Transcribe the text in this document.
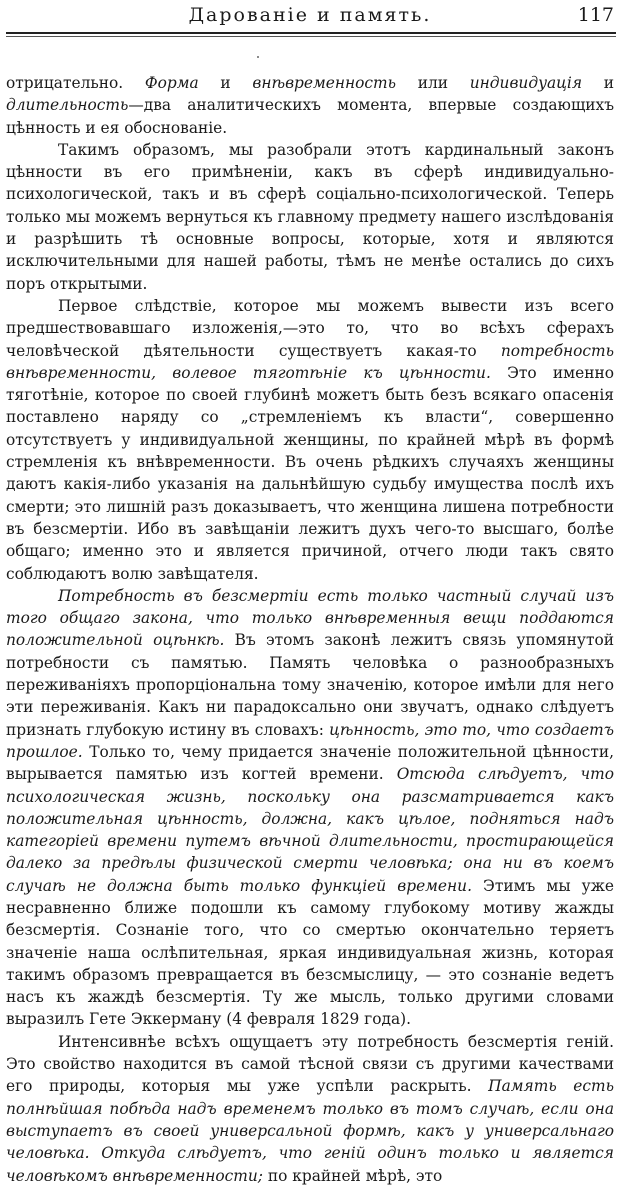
Дарованіе и память.	117

отрицательно. Форма и внѣвременность или индивидуація и длительность—два аналитическихъ момента, впервые создающихъ цѣнность и ея обоснованіе.

Такимъ образомъ, мы разобрали этотъ кардинальный законъ цѣнности въ его примѣненіи, какъ въ сферѣ индивидуально-психологической, такъ и въ сферѣ соціально-психологической. Теперь только мы можемъ вернуться къ главному предмету нашего изслѣдованія и разрѣшить тѣ основные вопросы, которые, хотя и являются исключительными для нашей работы, тѣмъ не менѣе остались до сихъ поръ открытыми.

Первое слѣдствіе, которое мы можемъ вывести изъ всего предшествовавшаго изложенія,—это то, что во всѣхъ сферахъ человѣческой дѣятельности существуетъ какая-то потребность внѣвременности, волевое тяготѣніе къ цѣнности. Это именно тяготѣніе, которое по своей глубинѣ можетъ быть безъ всякаго опасенія поставлено наряду со „стремленіемъ къ власти“, совершенно отсутствуетъ у индивидуальной женщины, по крайней мѣрѣ въ формѣ стремленія къ внѣвременности. Въ очень рѣдкихъ случаяхъ женщины даютъ какія-либо указанія на дальнѣйшую судьбу имущества послѣ ихъ смерти; это лишній разъ доказываетъ, что женщина лишена потребности въ безсмертіи. Ибо въ завѣщаніи лежитъ духъ чего-то высшаго, болѣе общаго; именно это и является причиной, отчего люди такъ свято соблюдаютъ волю завѣщателя.

Потребность въ безсмертіи есть только частный случай изъ того общаго закона, что только внѣвременныя вещи поддаются положительной оцѣнкѣ. Въ этомъ законѣ лежитъ связь упомянутой потребности съ памятью. Память человѣка о разнообразныхъ переживаніяхъ пропорціональна тому значенію, которое имѣли для него эти переживанія. Какъ ни парадоксально они звучатъ, однако слѣдуетъ признать глубокую истину въ словахъ: цѣнность, это то, что создаетъ прошлое. Только то, чему придается значеніе положительной цѣнности, вырывается памятью изъ когтей времени. Отсюда слѣдуетъ, что психологическая жизнь, поскольку она разсматривается какъ положительная цѣнность, должна, какъ цѣлое, подняться надъ категоріей времени путемъ вѣчной длительности, простирающейся далеко за предѣлы физической смерти человѣка; она ни въ коемъ случаѣ не должна быть только функціей времени. Этимъ мы уже несравненно ближе подошли къ самому глубокому мотиву жажды безсмертія. Сознаніе того, что со смертью окончательно теряетъ значеніе наша ослѣпительная, яркая индивидуальная жизнь, которая такимъ образомъ превращается въ безсмыслицу, — это сознаніе ведетъ насъ къ жаждѣ безсмертія. Ту же мысль, только другими словами выразилъ Гете Эккерману (4 февраля 1829 года).

Интенсивнѣе всѣхъ ощущаетъ эту потребность безсмертія геній. Это свойство находится въ самой тѣсной связи съ другими качествами его природы, которыя мы уже успѣли раскрыть. Память есть полнѣйшая побѣда надъ временемъ только въ томъ случаѣ, если она выступаетъ въ своей универсальной формѣ, какъ у универсальнаго человѣка. Откуда слѣдуетъ, что геній одинъ только и является человѣкомъ внѣвременности; по крайней мѣрѣ, это
